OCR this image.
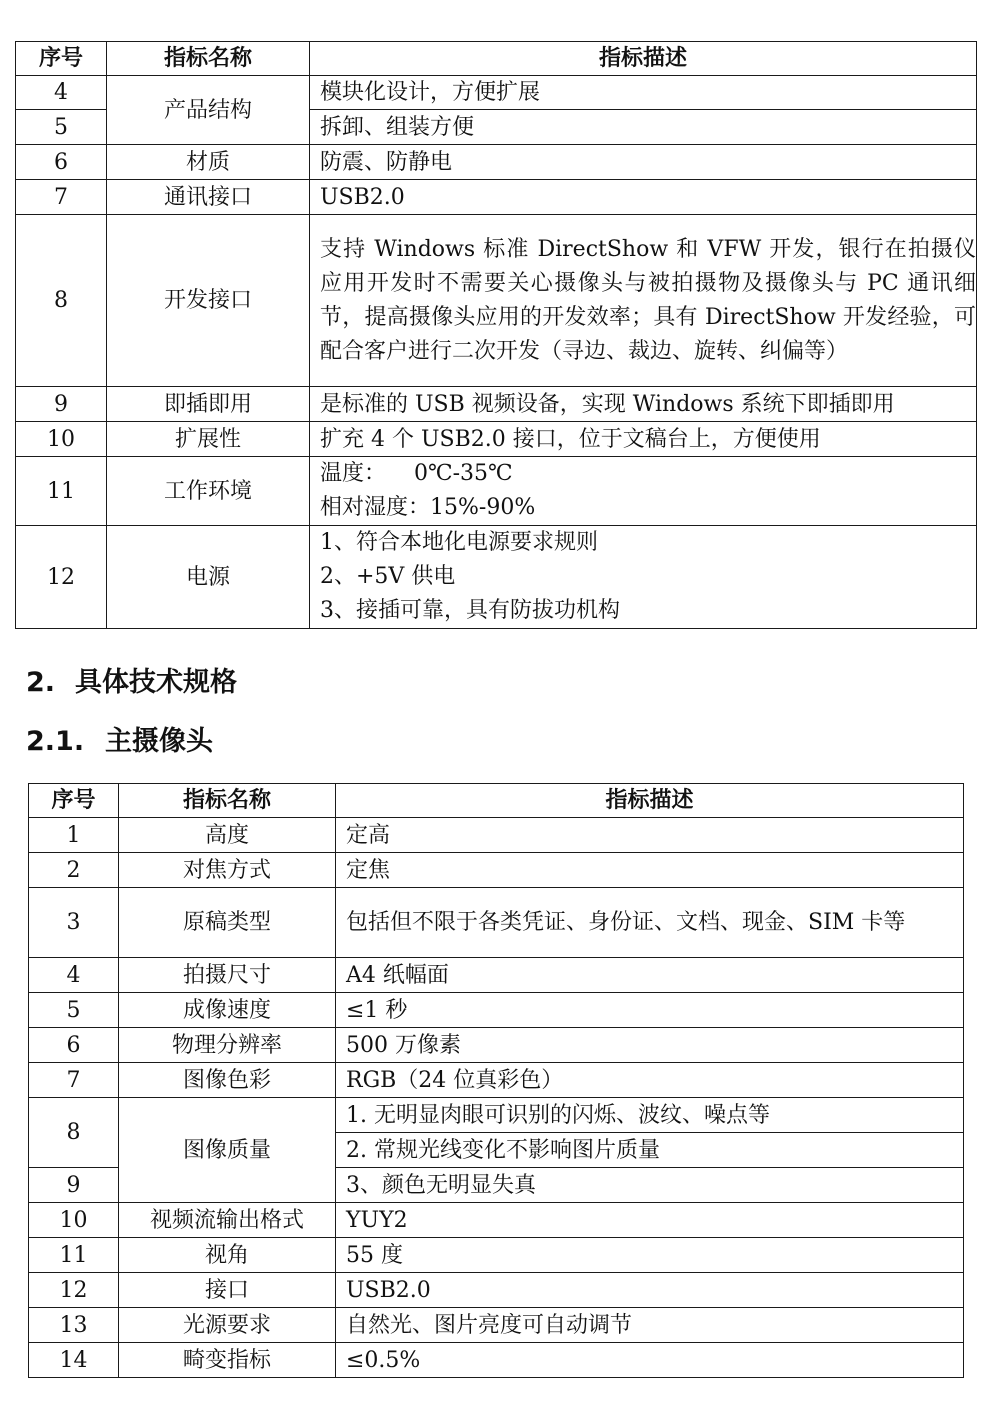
序号	指标名称	指标描述
4	产品结构	模块化设计，方便扩展
5		拆卸、组装方便
6	材质	防震、防静电
7	通讯接口	USB2.0
8	开发接口	支持 Windows 标准 DirectShow 和 VFW 开发，银行在拍摄仪应用开发时不需要关心摄像头与被拍摄物及摄像头与 PC 通讯细节，提高摄像头应用的开发效率；具有 DirectShow 开发经验，可配合客户进行二次开发（寻边、裁边、旋转、纠偏等）
9	即插即用	是标准的 USB 视频设备，实现 Windows 系统下即插即用
10	扩展性	扩充 4 个 USB2.0 接口，位于文稿台上，方便使用
11	工作环境	温度：    0℃-35℃
相对湿度：15%-90%

12	电源	1、符合本地化电源要求规则
2、+5V 供电
3、接插可靠，具有防拔功机构
2. 具体技术规格
2.1. 主摄像头
序号	指标名称	指标描述
1	高度	定高
2	对焦方式	定焦
3	原稿类型	包括但不限于各类凭证、身份证、文档、现金、SIM 卡等
4	拍摄尺寸	A4 纸幅面
5	成像速度	≤1 秒
6	物理分辨率	500 万像素
7	图像色彩	RGB（24 位真彩色）
8	图像质量	1. 无明显肉眼可识别的闪烁、波纹、噪点等
		2. 常规光线变化不影响图片质量
9		3、颜色无明显失真
10	视频流输出格式	YUY2
11	视角	55 度
12	接口	USB2.0
13	光源要求	自然光、图片亮度可自动调节
14	畸变指标	≤0.5%
